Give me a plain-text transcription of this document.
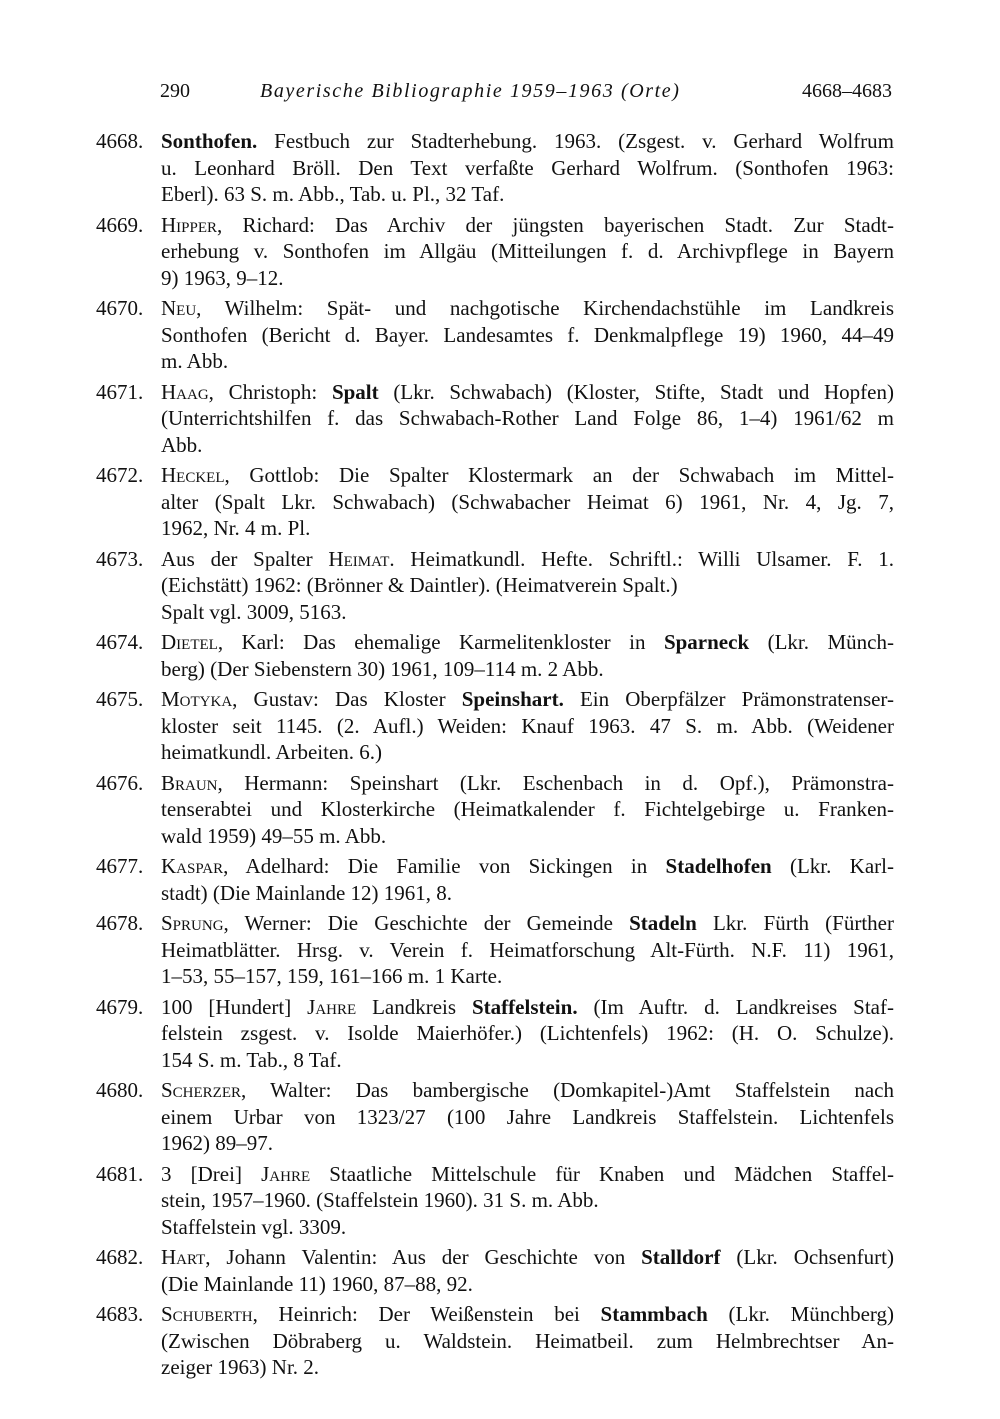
290	Bayerische Bibliographie 1959–1963 (Orte)	4668–4683
4668. Sonthofen. Festbuch zur Stadterhebung. 1963. (Zsgest. v. Gerhard Wolfrum
u. Leonhard Bröll. Den Text verfaßte Gerhard Wolfrum. (Sonthofen 1963:
Eberl). 63 S. m. Abb., Tab. u. Pl., 32 Taf.
4669. Hipper, Richard: Das Archiv der jüngsten bayerischen Stadt. Zur Stadt-
erhebung v. Sonthofen im Allgäu (Mitteilungen f. d. Archivpflege in Bayern
9) 1963, 9–12.
4670. Neu, Wilhelm: Spät- und nachgotische Kirchendachstühle im Landkreis
Sonthofen (Bericht d. Bayer. Landesamtes f. Denkmalpflege 19) 1960, 44–49
m. Abb.
4671. Haag, Christoph: Spalt (Lkr. Schwabach) (Kloster, Stifte, Stadt und Hopfen)
(Unterrichtshilfen f. das Schwabach-Rother Land Folge 86, 1–4) 1961/62 m
Abb.
4672. Heckel, Gottlob: Die Spalter Klostermark an der Schwabach im Mittel-
alter (Spalt Lkr. Schwabach) (Schwabacher Heimat 6) 1961, Nr. 4, Jg. 7,
1962, Nr. 4 m. Pl.
4673. Aus der Spalter Heimat. Heimatkundl. Hefte. Schriftl.: Willi Ulsamer. F. 1.
(Eichstätt) 1962: (Brönner & Daintler). (Heimatverein Spalt.)
Spalt vgl. 3009, 5163.
4674. Dietel, Karl: Das ehemalige Karmelitenkloster in Sparneck (Lkr. Münch-
berg) (Der Siebenstern 30) 1961, 109–114 m. 2 Abb.
4675. Motyka, Gustav: Das Kloster Speinshart. Ein Oberpfälzer Prämonstratenser-
kloster seit 1145. (2. Aufl.) Weiden: Knauf 1963. 47 S. m. Abb. (Weidener
heimatkundl. Arbeiten. 6.)
4676. Braun, Hermann: Speinshart (Lkr. Eschenbach in d. Opf.), Prämonstra-
tenserabtei und Klosterkirche (Heimatkalender f. Fichtelgebirge u. Franken-
wald 1959) 49–55 m. Abb.
4677. Kaspar, Adelhard: Die Familie von Sickingen in Stadelhofen (Lkr. Karl-
stadt) (Die Mainlande 12) 1961, 8.
4678. Sprung, Werner: Die Geschichte der Gemeinde Stadeln Lkr. Fürth (Fürther
Heimatblätter. Hrsg. v. Verein f. Heimatforschung Alt-Fürth. N.F. 11) 1961,
1–53, 55–157, 159, 161–166 m. 1 Karte.
4679. 100 [Hundert] Jahre Landkreis Staffelstein. (Im Auftr. d. Landkreises Staf-
felstein zsgest. v. Isolde Maierhöfer.) (Lichtenfels) 1962: (H. O. Schulze).
154 S. m. Tab., 8 Taf.
4680. Scherzer, Walter: Das bambergische (Domkapitel-)Amt Staffelstein nach
einem Urbar von 1323/27 (100 Jahre Landkreis Staffelstein. Lichtenfels
1962) 89–97.
4681. 3 [Drei] Jahre Staatliche Mittelschule für Knaben und Mädchen Staffel-
stein, 1957–1960. (Staffelstein 1960). 31 S. m. Abb.
Staffelstein vgl. 3309.
4682. Hart, Johann Valentin: Aus der Geschichte von Stalldorf (Lkr. Ochsenfurt)
(Die Mainlande 11) 1960, 87–88, 92.
4683. Schuberth, Heinrich: Der Weißenstein bei Stammbach (Lkr. Münchberg)
(Zwischen Döbraberg u. Waldstein. Heimatbeil. zum Helmbrechtser An-
zeiger 1963) Nr. 2.
